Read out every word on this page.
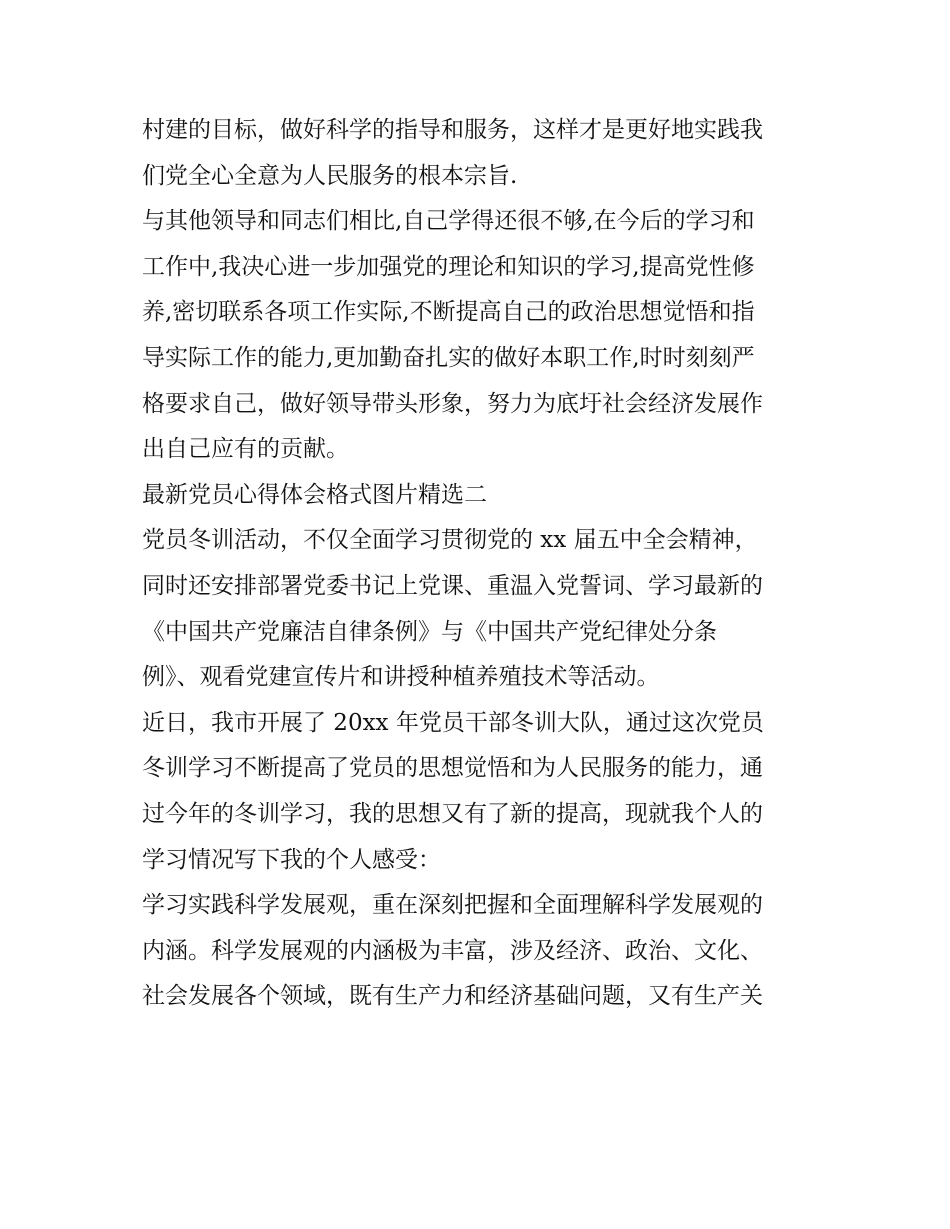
村建的目标，做好科学的指导和服务，这样才是更好地实践我
们党全心全意为人民服务的根本宗旨.
与其他领导和同志们相比,自己学得还很不够,在今后的学习和
工作中,我决心进一步加强党的理论和知识的学习,提高党性修
养,密切联系各项工作实际,不断提高自己的政治思想觉悟和指
导实际工作的能力,更加勤奋扎实的做好本职工作,时时刻刻严
格要求自己，做好领导带头形象，努力为底圩社会经济发展作
出自己应有的贡献。
最新党员心得体会格式图片精选二
党员冬训活动，不仅全面学习贯彻党的 xx 届五中全会精神，
同时还安排部署党委书记上党课、重温入党誓词、学习最新的
《中国共产党廉洁自律条例》与《中国共产党纪律处分条
例》、观看党建宣传片和讲授种植养殖技术等活动。
近日，我市开展了 20xx 年党员干部冬训大队，通过这次党员
冬训学习不断提高了党员的思想觉悟和为人民服务的能力，通
过今年的冬训学习，我的思想又有了新的提高，现就我个人的
学习情况写下我的个人感受：
学习实践科学发展观，重在深刻把握和全面理解科学发展观的
内涵。科学发展观的内涵极为丰富，涉及经济、政治、文化、
社会发展各个领域，既有生产力和经济基础问题，又有生产关
